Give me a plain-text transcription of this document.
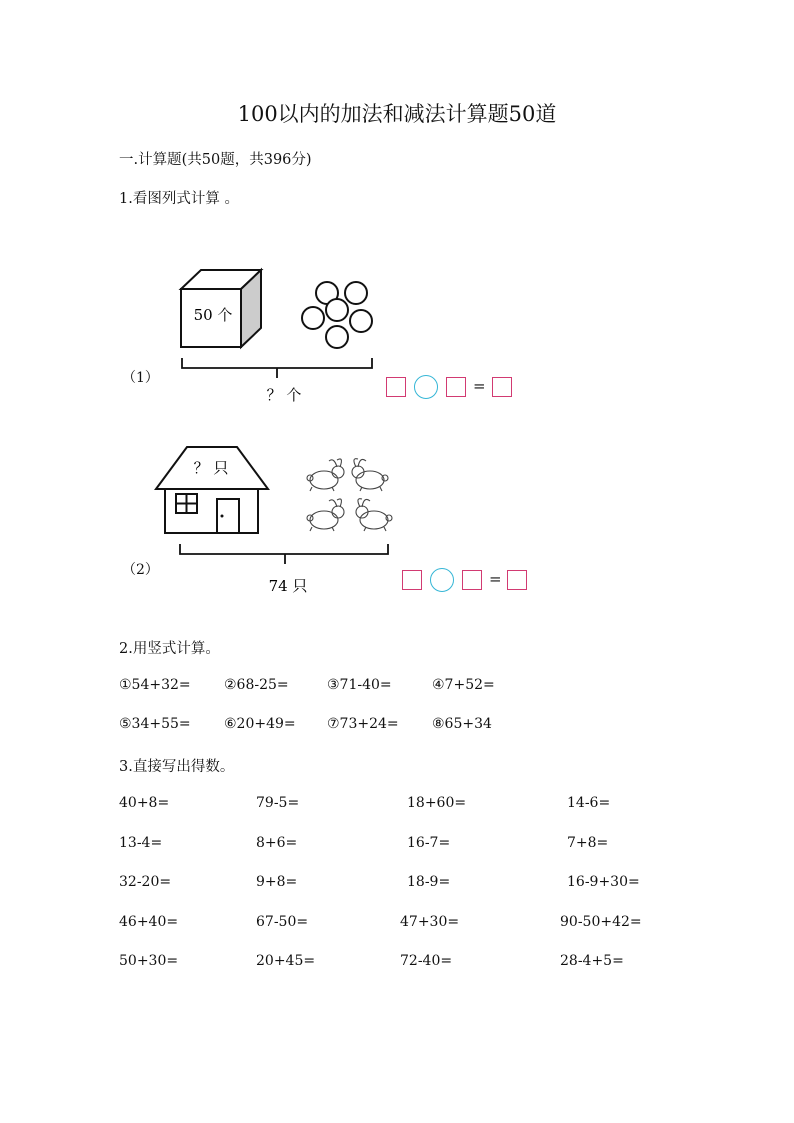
100以内的加法和减法计算题50道
一.计算题(共50题，共396分)
1.看图列式计算 。
50 个
？ 个
？ 只
74 只
（1）
（2）
=
=
2.用竖式计算。
①54+32= ②68-25=	③71-40=	④7+52=
⑤34+55= ⑥20+49= ⑦73+24= ⑧65+34
3.直接写出得数。
40+8=	79-5=	18+60=	14-6=
13-4=	8+6=	16-7=	7+8=
32-20=	9+8=	18-9=	16-9+30=
46+40=	67-50=	47+30=	90-50+42=
50+30=	20+45=	72-40=	28-4+5=
